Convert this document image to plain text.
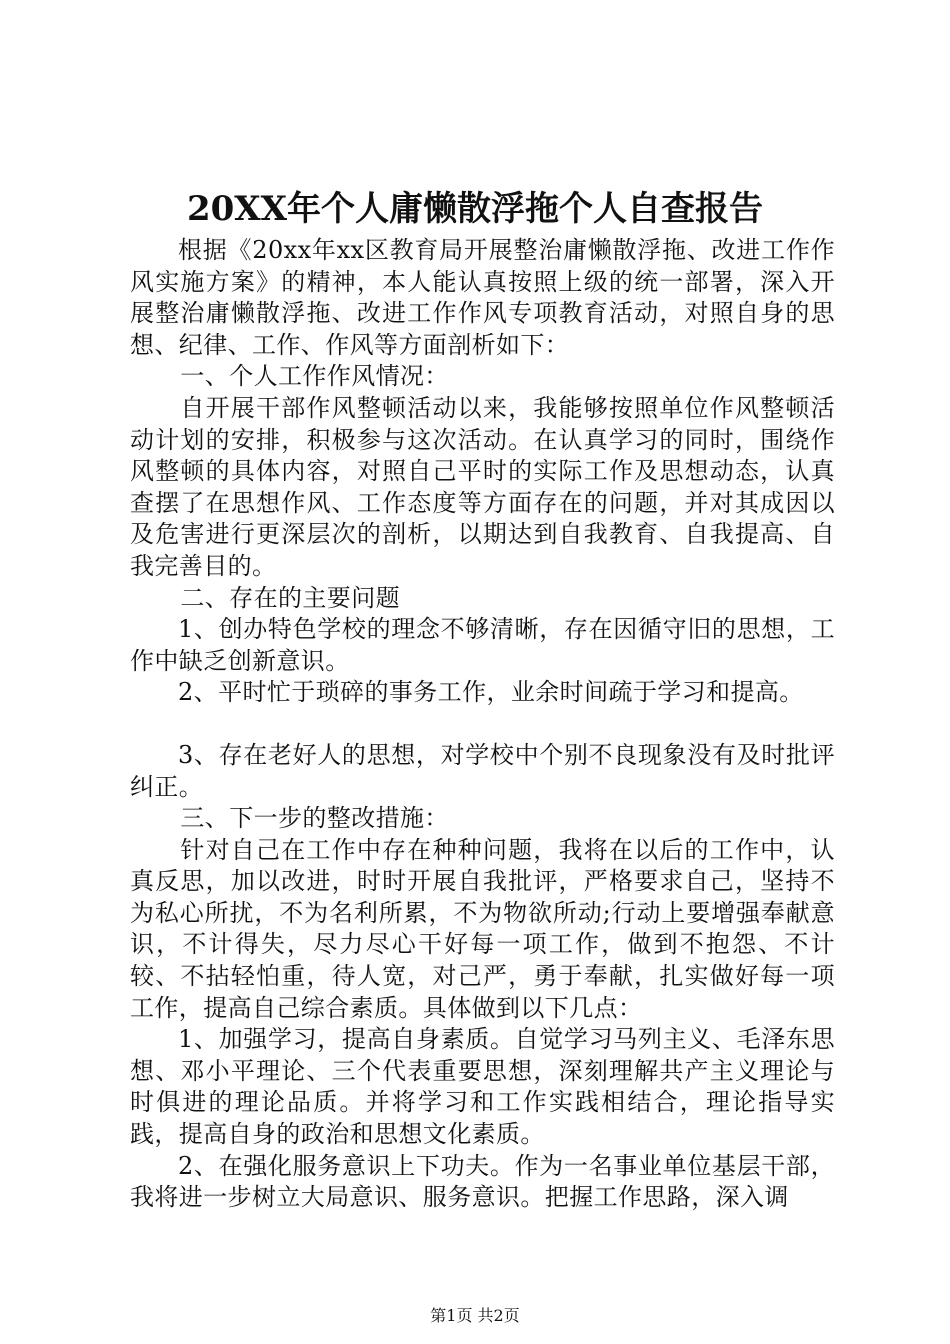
20XX年个人庸懒散浮拖个人自查报告

根据《20xx年xx区教育局开展整治庸懒散浮拖、改进工作作风实施方案》的精神，本人能认真按照上级的统一部署，深入开展整治庸懒散浮拖、改进工作作风专项教育活动，对照自身的思想、纪律、工作、作风等方面剖析如下：

一、个人工作作风情况：

自开展干部作风整顿活动以来，我能够按照单位作风整顿活动计划的安排，积极参与这次活动。在认真学习的同时，围绕作风整顿的具体内容，对照自己平时的实际工作及思想动态，认真查摆了在思想作风、工作态度等方面存在的问题，并对其成因以及危害进行更深层次的剖析，以期达到自我教育、自我提高、自我完善目的。

二、存在的主要问题

1、创办特色学校的理念不够清晰，存在因循守旧的思想，工作中缺乏创新意识。

2、平时忙于琐碎的事务工作，业余时间疏于学习和提高。

3、存在老好人的思想，对学校中个别不良现象没有及时批评纠正。

三、下一步的整改措施：

针对自己在工作中存在种种问题，我将在以后的工作中，认真反思，加以改进，时时开展自我批评，严格要求自己，坚持不为私心所扰，不为名利所累，不为物欲所动;行动上要增强奉献意识，不计得失，尽力尽心干好每一项工作，做到不抱怨、不计较、不拈轻怕重，待人宽，对己严，勇于奉献，扎实做好每一项工作，提高自己综合素质。具体做到以下几点：

1、加强学习，提高自身素质。自觉学习马列主义、毛泽东思想、邓小平理论、三个代表重要思想，深刻理解共产主义理论与时俱进的理论品质。并将学习和工作实践相结合，理论指导实践，提高自身的政治和思想文化素质。

2、在强化服务意识上下功夫。作为一名事业单位基层干部，我将进一步树立大局意识、服务意识。把握工作思路，深入调

第1页 共2页
